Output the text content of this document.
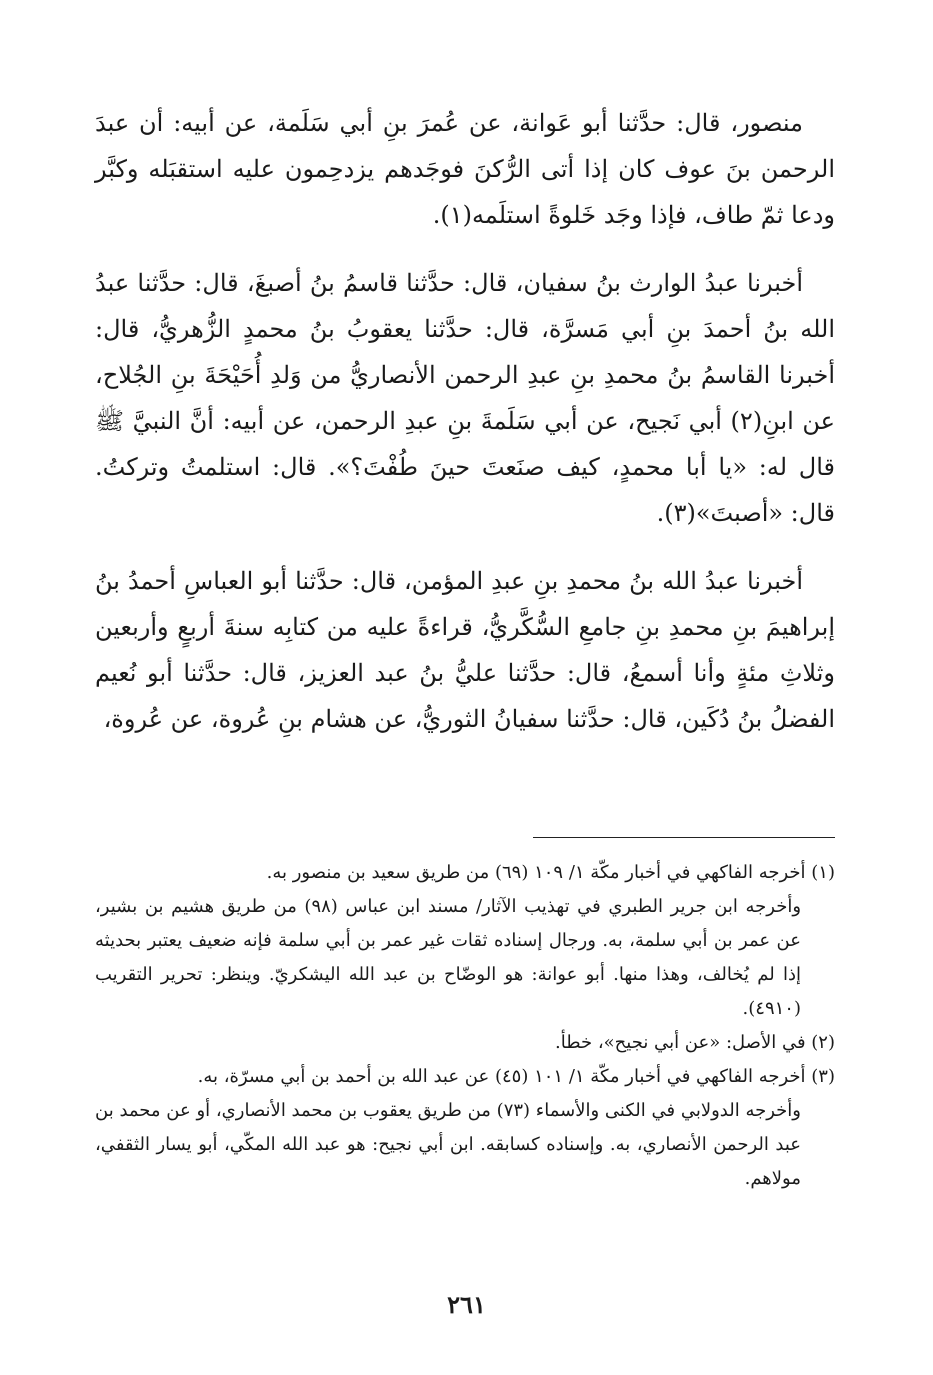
منصور، قال: حدَّثنا أبو عَوانة، عن عُمرَ بنِ أبي سَلَمة، عن أبيه: أن عبدَ الرحمن بنَ عوف كان إذا أتى الرُّكنَ فوجَدهم يزدحِمون عليه استقبَله وكبَّر ودعا ثمّ طاف، فإذا وجَد خَلوةً استلَمه(١).

أخبرنا عبدُ الوارث بنُ سفيان، قال: حدَّثنا قاسمُ بنُ أصبغَ، قال: حدَّثنا عبدُ الله بنُ أحمدَ بنِ أبي مَسرَّة، قال: حدَّثنا يعقوبُ بنُ محمدٍ الزُّهريُّ، قال: أخبرنا القاسمُ بنُ محمدِ بنِ عبدِ الرحمن الأنصاريُّ من وَلدِ أُحَيْحَةَ بنِ الجُلاح، عن ابنِ(٢) أبي نَجيح، عن أبي سَلَمةَ بنِ عبدِ الرحمن، عن أبيه: أنَّ النبيَّ ﷺ قال له: «يا أبا محمدٍ، كيف صنَعتَ حينَ طُفْتَ؟». قال: استلمتُ وتركتُ. قال: «أصبتَ»(٣).

أخبرنا عبدُ الله بنُ محمدِ بنِ عبدِ المؤمن، قال: حدَّثنا أبو العباسِ أحمدُ بنُ إبراهيمَ بنِ محمدِ بنِ جامعِ السُّكَّريُّ، قراءةً عليه من كتابِه سنةَ أربعٍ وأربعين وثلاثِ مئةٍ وأنا أسمعُ، قال: حدَّثنا عليُّ بنُ عبد العزيز، قال: حدَّثنا أبو نُعيم الفضلُ بنُ دُكَين، قال: حدَّثنا سفيانُ الثوريُّ، عن هشام بنِ عُروة، عن عُروة،

(١) أخرجه الفاكهي في أخبار مكّة ١/ ١٠٩ (٦٩) من طريق سعيد بن منصور به.

وأخرجه ابن جرير الطبري في تهذيب الآثار/ مسند ابن عباس (٩٨) من طريق هشيم بن بشير، عن عمر بن أبي سلمة، به. ورجال إسناده ثقات غير عمر بن أبي سلمة فإنه ضعيف يعتبر بحديثه إذا لم يُخالف، وهذا منها. أبو عوانة: هو الوضّاح بن عبد الله اليشكريّ. وينظر: تحرير التقريب (٤٩١٠).

(٢) في الأصل: «عن أبي نجيح»، خطأ.

(٣) أخرجه الفاكهي في أخبار مكّة ١/ ١٠١ (٤٥) عن عبد الله بن أحمد بن أبي مسرّة، به.

وأخرجه الدولابي في الكنى والأسماء (٧٣) من طريق يعقوب بن محمد الأنصاري، أو عن محمد بن عبد الرحمن الأنصاري، به. وإسناده كسابقه. ابن أبي نجيح: هو عبد الله المكّي، أبو يسار الثقفي، مولاهم.

٢٦١
